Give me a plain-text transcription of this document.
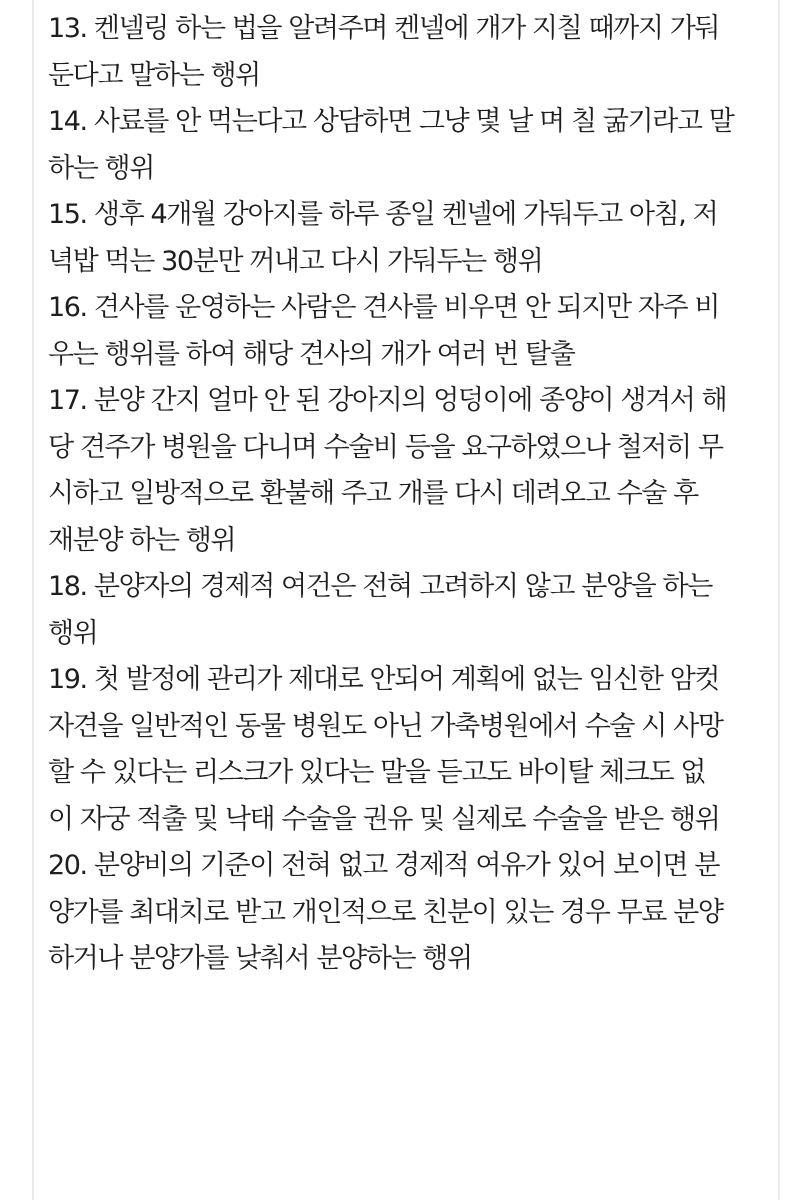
13. 켄넬링 하는 법을 알려주며 켄넬에 개가 지칠 때까지 가둬
둔다고 말하는 행위
14. 사료를 안 먹는다고 상담하면 그냥 몇 날 며 칠 굶기라고 말
하는 행위
15. 생후 4개월 강아지를 하루 종일 켄넬에 가둬두고 아침, 저
녁밥 먹는 30분만 꺼내고 다시 가둬두는 행위
16. 견사를 운영하는 사람은 견사를 비우면 안 되지만 자주 비
우는 행위를 하여 해당 견사의 개가 여러 번 탈출
17. 분양 간지 얼마 안 된 강아지의 엉덩이에 종양이 생겨서 해
당 견주가 병원을 다니며 수술비 등을 요구하였으나 철저히 무
시하고 일방적으로 환불해 주고 개를 다시 데려오고 수술 후
재분양 하는 행위
18. 분양자의 경제적 여건은 전혀 고려하지 않고 분양을 하는
행위
19. 첫 발정에 관리가 제대로 안되어 계획에 없는 임신한 암컷
자견을 일반적인 동물 병원도 아닌 가축병원에서 수술 시 사망
할 수 있다는 리스크가 있다는 말을 듣고도 바이탈 체크도 없
이 자궁 적출 및 낙태 수술을 권유 및 실제로 수술을 받은 행위
20. 분양비의 기준이 전혀 없고 경제적 여유가 있어 보이면 분
양가를 최대치로 받고 개인적으로 친분이 있는 경우 무료 분양
하거나 분양가를 낮춰서 분양하는 행위
